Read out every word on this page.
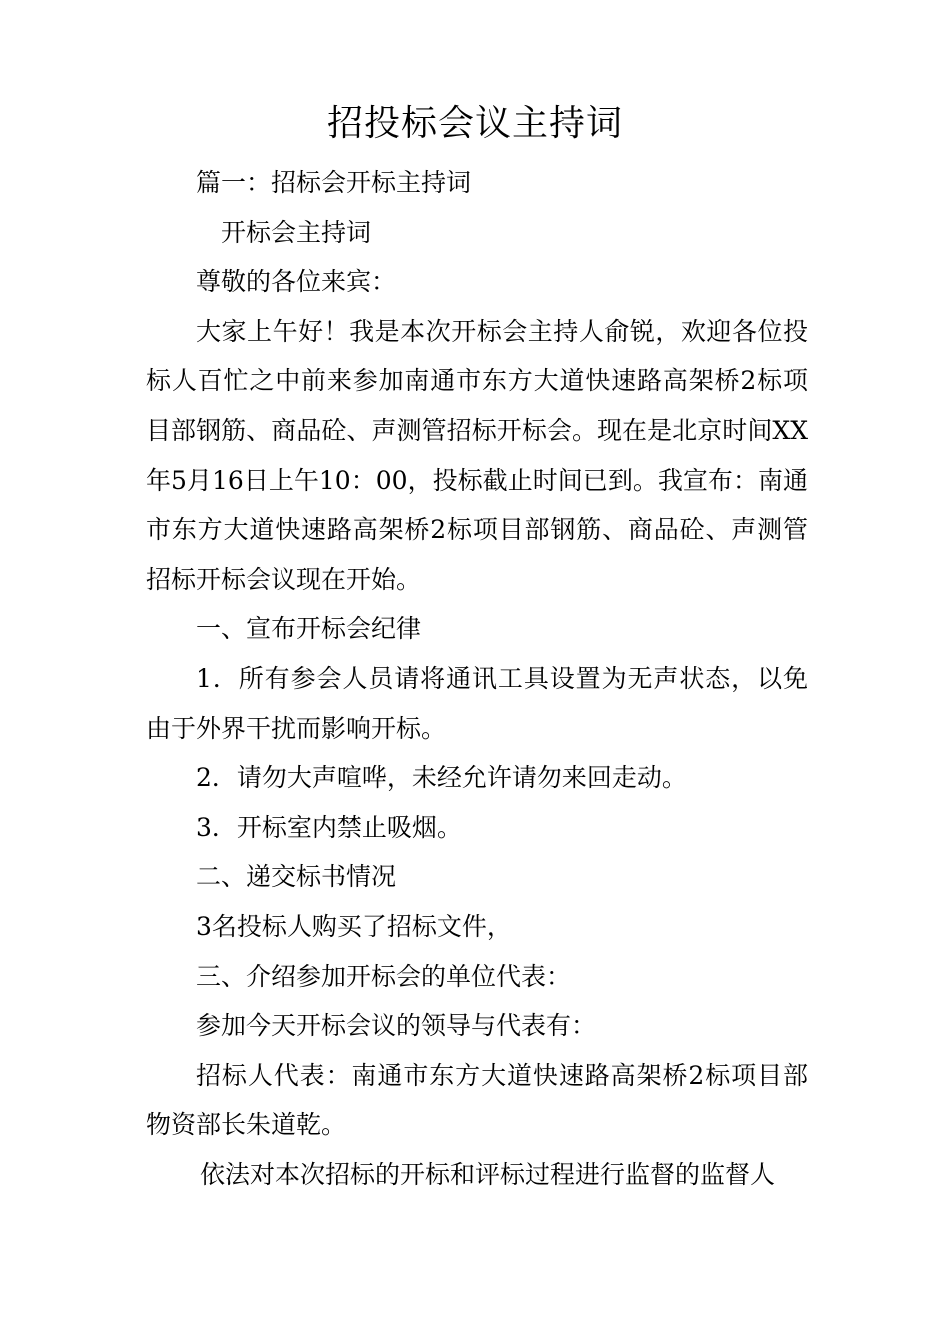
招投标会议主持词

篇一：招标会开标主持词

开标会主持词

尊敬的各位来宾：

大家上午好！我是本次开标会主持人俞锐，欢迎各位投标人百忙之中前来参加南通市东方大道快速路高架桥2标项目部钢筋、商品砼、声测管招标开标会。现在是北京时间XX年5月16日上午10：00，投标截止时间已到。我宣布：南通市东方大道快速路高架桥2标项目部钢筋、商品砼、声测管招标开标会议现在开始。

一、宣布开标会纪律

1．所有参会人员请将通讯工具设置为无声状态，以免由于外界干扰而影响开标。

2．请勿大声喧哗，未经允许请勿来回走动。

3．开标室内禁止吸烟。

二、递交标书情况

3名投标人购买了招标文件，

三、介绍参加开标会的单位代表：

参加今天开标会议的领导与代表有：

招标人代表：南通市东方大道快速路高架桥2标项目部物资部长朱道乾。

依法对本次招标的开标和评标过程进行监督的监督人
